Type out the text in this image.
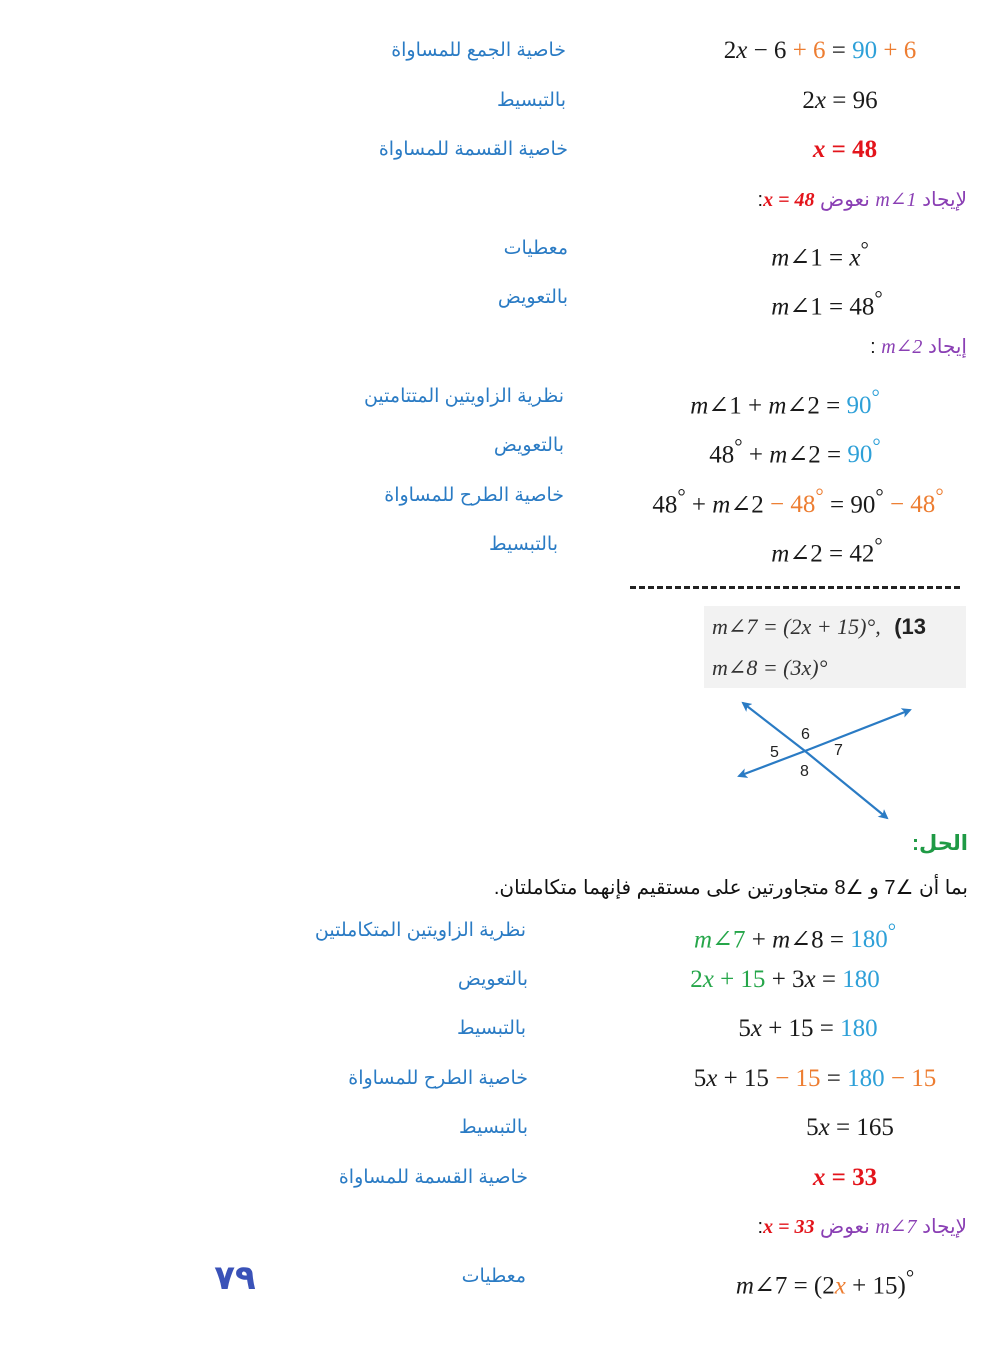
2x − 6 + 6 = 90 + 6
خاصية الجمع للمساواة
2x = 96
بالتبسيط
x = 48
خاصية القسمة للمساواة
لإيجاد m∠1 نعوض x = 48:
m∠1 = x°
معطيات
m∠1 = 48°
بالتعويض
إيجاد m∠2 :
m∠1 + m∠2 = 90°
نظرية الزاويتين المتتامتين
48° + m∠2 = 90°
بالتعويض
48° + m∠2 − 48° = 90° − 48°
خاصية الطرح للمساواة
m∠2 = 42°
بالتبسيط
m∠7 = (2x + 15)°, (13
m∠8 = (3x)°
6
5	7
8
الحل:
بما أن ∠7 و ∠8 متجاورتين على مستقيم فإنهما متكاملتان.
m∠7 + m∠8 = 180°
نظرية الزاويتين المتكاملتين
2x + 15 + 3x = 180
بالتعويض
5x + 15 = 180
بالتبسيط
5x + 15 − 15 = 180 − 15
خاصية الطرح للمساواة
5x = 165
بالتبسيط
x = 33
خاصية القسمة للمساواة
لإيجاد m∠7 نعوض x = 33:
m∠7 = (2x + 15)°
معطيات
٧٩
